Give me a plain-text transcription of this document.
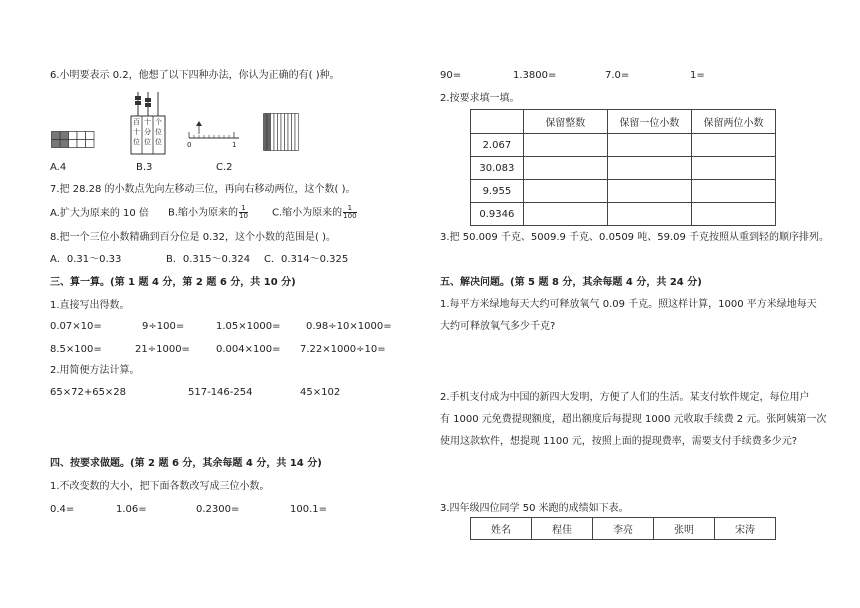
6.小明要表示 0.2，他想了以下四种办法，你认为正确的有( )种。
百 十 个
十 分 位
位 位 位	0	1
A.4	B.3	C.2
7.把 28.28 的小数点先向左移动三位，再向右移动两位，这个数( )。
A.扩大为原来的 10 倍 B.缩小为原来的 $\frac{1}{10} C$.缩小为原来的 $\frac{1}{100}$
8.把一个三位小数精确到百分位是 0.32，这个小数的范围是( )。
A．0.31～0.33	B．0.315～0.324 C．0.314～0.325
三、算一算。(第 1 题 4 分，第 2 题 6 分，共 10 分)
1.直接写出得数。
0.07×10=	9÷100=	1.05×1000=	0.98÷10×1000=
8.5×100=	21÷1000=	0.004×100= 7.22×1000÷10=
2.用简便方法计算。
65×72+65×28	517-146-254	45×102
四、按要求做题。(第 2 题 6 分，其余每题 4 分，共 14 分)
1.不改变数的大小，把下面各数改写成三位小数。
0.4=	1.06=	0.2300=	100.1=
90=	1.3800=	7.0=	1=
2.按要求填一填。
	保留整数	保留一位小数	保留两位小数
2.067			
30.083			
9.955			
0.9346			
3.把 50.009 千克、5009.9 千克、0.0509 吨、59.09 千克按照从重到轻的顺序排列。
五、解决问题。(第 5 题 8 分，其余每题 4 分，共 24 分)
1.每平方米绿地每天大约可释放氧气 0.09 千克。照这样计算，1000 平方米绿地每天
大约可释放氧气多少千克?
2.手机支付成为中国的新四大发明，方便了人们的生活。某支付软件规定，每位用户
有 1000 元免费提现额度，超出额度后每提现 1000 元收取手续费 2 元。张阿姨第一次
使用这款软件，想提现 1100 元，按照上面的提现费率，需要支付手续费多少元?
3.四年级四位同学 50 米跑的成绩如下表。
姓名	程佳	李亮	张明	宋涛
